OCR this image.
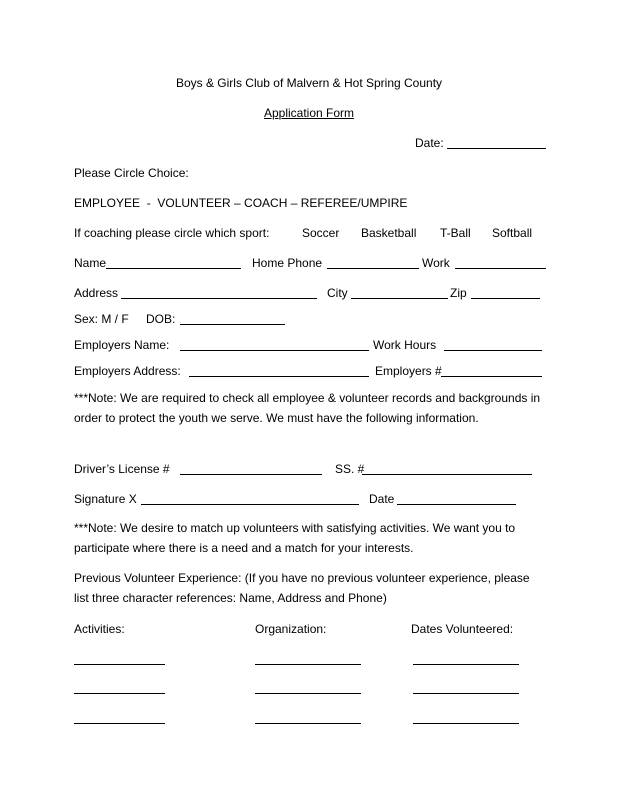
Boys & Girls Club of Malvern & Hot Spring County
Application Form
Date:
Please Circle Choice:
EMPLOYEE  -  VOLUNTEER – COACH – REFEREE/UMPIRE
If coaching please circle which sport:	Soccer Basketball T-Ball Softball
Name	Home Phone	Work
Address	City	Zip
Sex: M / F DOB:
Employers Name:	Work Hours
Employers Address:	Employers #
***Note: We are required to check all employee & volunteer records and backgrounds in order to protect the youth we serve. We must have the following information.
Driver’s License #	SS. #
Signature X	Date
***Note: We desire to match up volunteers with satisfying activities. We want you to participate where there is a need and a match for your interests.
Previous Volunteer Experience: (If you have no previous volunteer experience, please list three character references: Name, Address and Phone)
Activities:	Organization:	Dates Volunteered:
